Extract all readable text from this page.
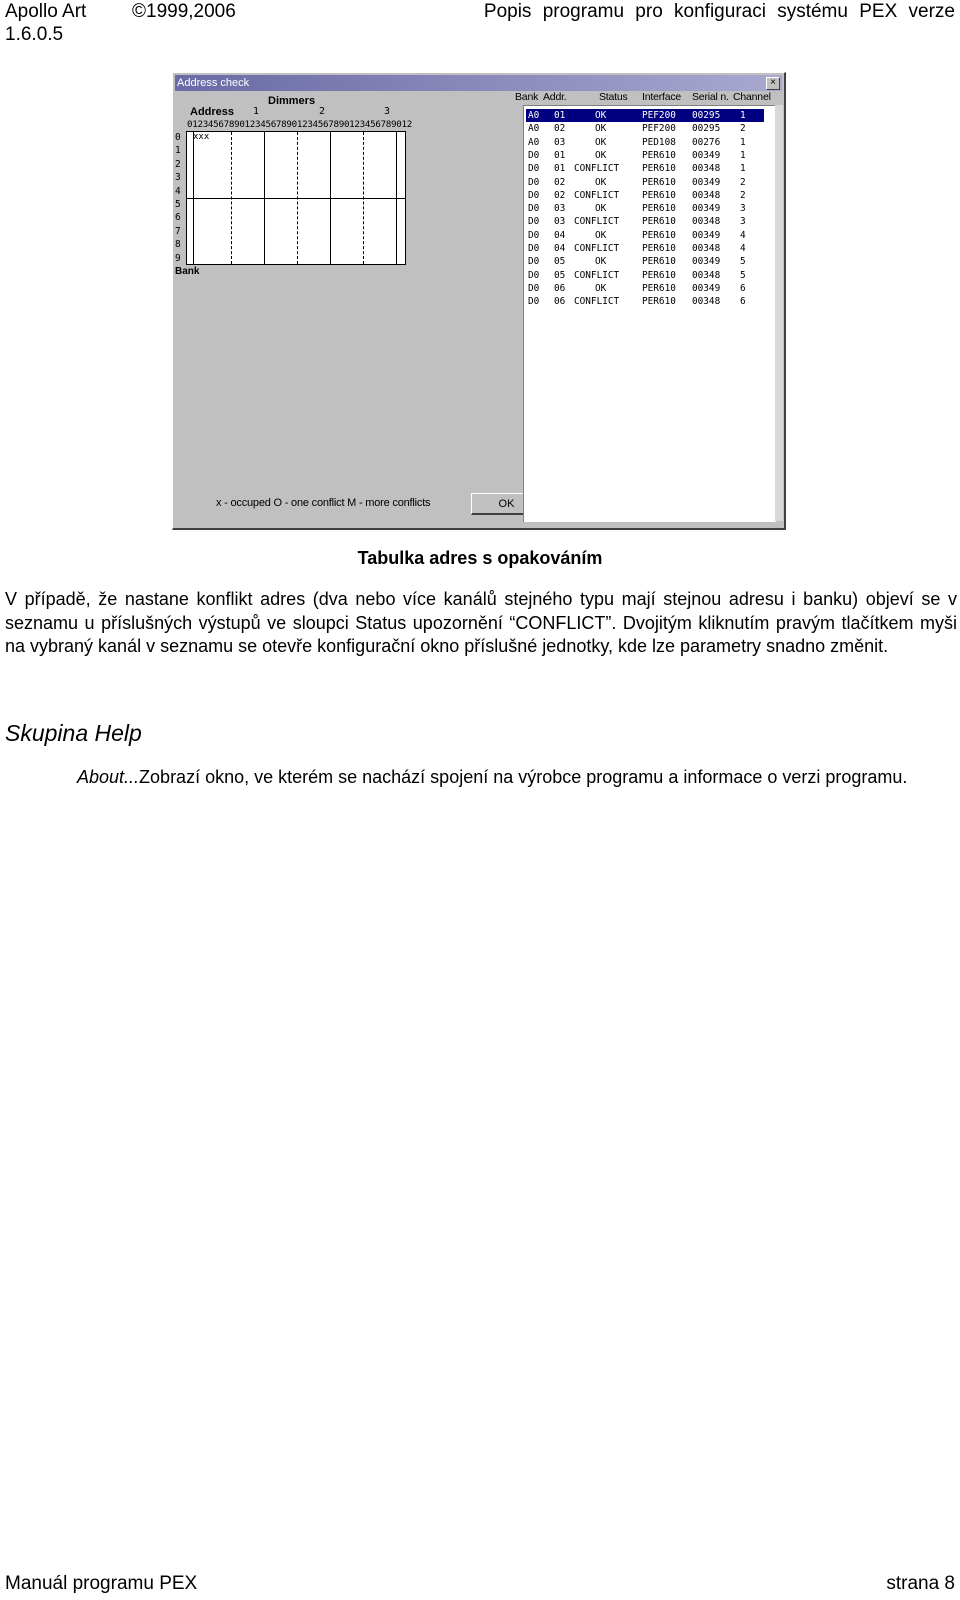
Apollo Art ©1999,2006	Popis programu pro konfiguraci systému PEX verze
1.6.0.5
Address check	×
Dimmers
Address 1	2	3
0123456789012345678901234567890123456789012
0
1
2
3
4
5
6
7
8
9
xxx
Bank
x - occuped O - one conflict M - more conflicts	OK
Bank Addr.	Status Interface Serial n. Channel
A0 01	OK	PEF200 00295 1
A0 02	OK	PEF200 00295 2
A0 03	OK	PED108 00276 1
D0 01	OK	PER610 00349 1
D0 01 CONFLICT PER610 00348 1
D0 02	OK	PER610 00349 2
D0 02 CONFLICT PER610 00348 2
D0 03	OK	PER610 00349 3
D0 03 CONFLICT PER610 00348 3
D0 04	OK	PER610 00349 4
D0 04 CONFLICT PER610 00348 4
D0 05	OK	PER610 00349 5
D0 05 CONFLICT PER610 00348 5
D0 06	OK	PER610 00349 6
D0 06 CONFLICT PER610 00348 6
Tabulka adres s opakováním

V případě, že nastane konflikt adres (dva nebo více kanálů stejného typu mají stejnou adresu i banku) objeví se v seznamu u příslušných výstupů ve sloupci Status upozornění “CONFLICT”. Dvojitým kliknutím pravým tlačítkem myši na vybraný kanál v seznamu se otevře konfigurační okno příslušné jednotky, kde lze parametry snadno změnit.

Skupina Help
About...Zobrazí okno, ve kterém se nachází spojení na výrobce programu a informace o verzi programu.
Manuál programu PEX	strana 8
